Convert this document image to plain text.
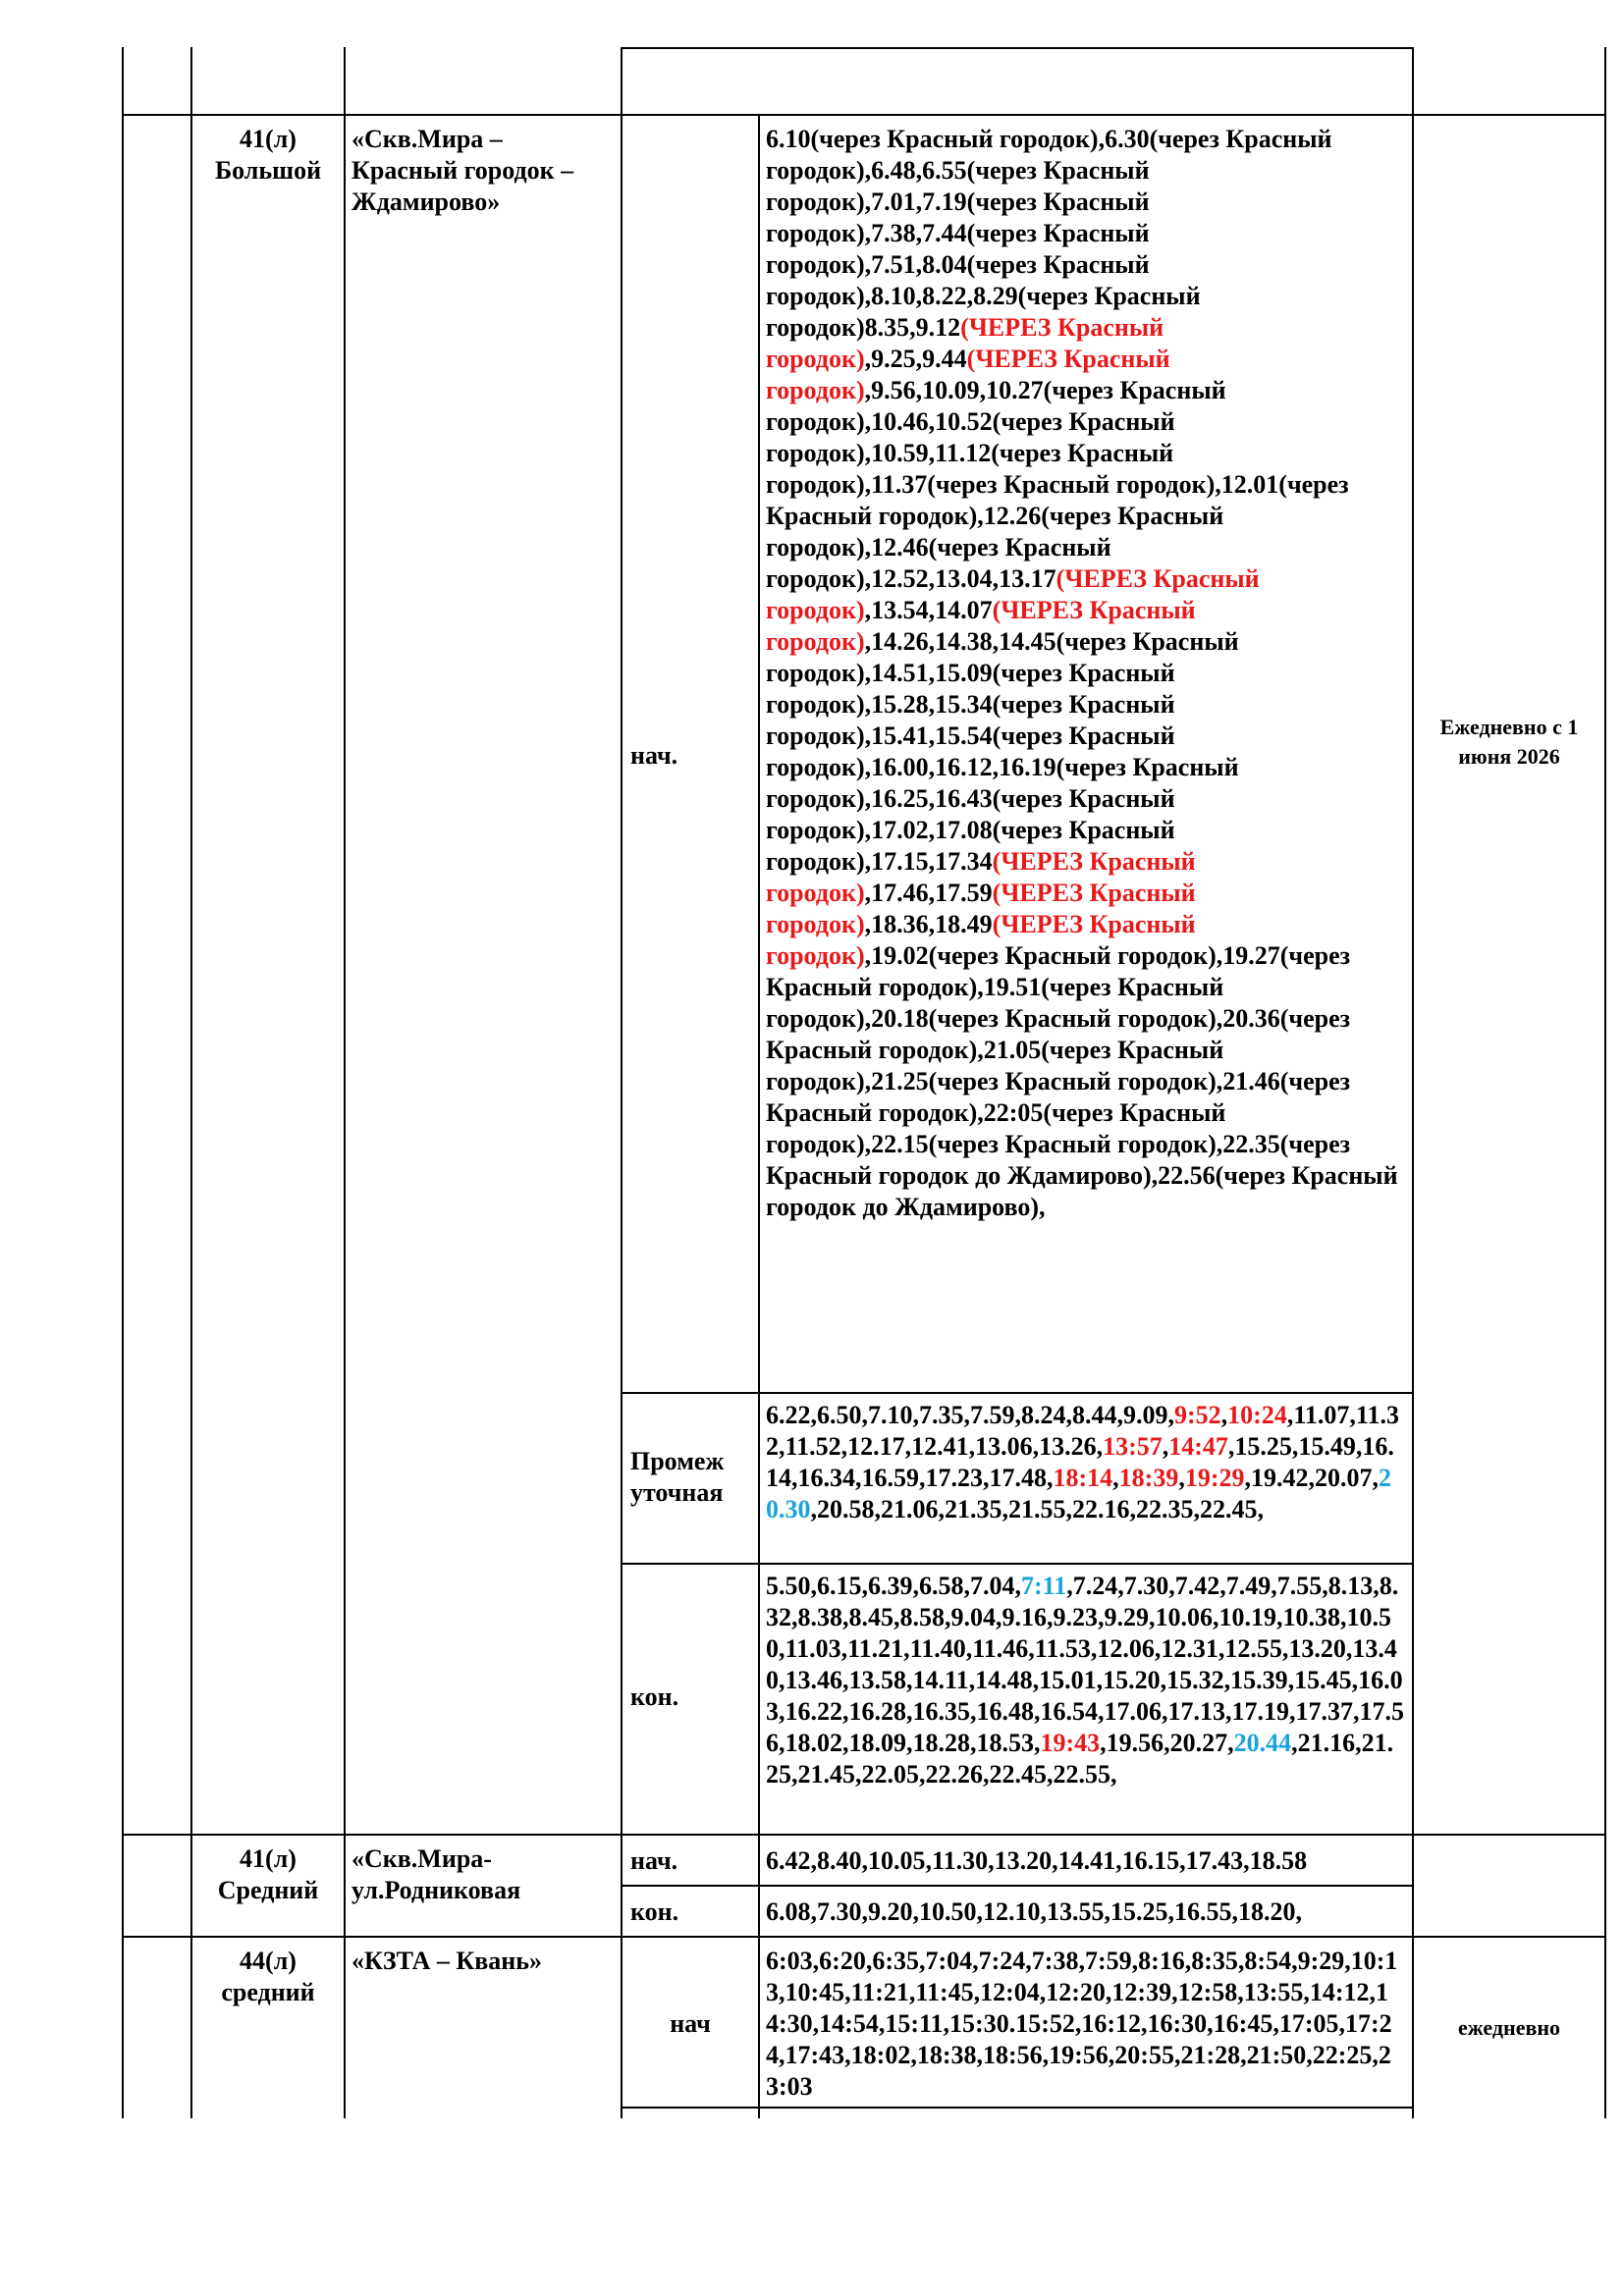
41(л)
Большой
«Скв.Мира – Красный городок – Ждамирово»
нач.
6.10(через Красный городок),6.30(через Красный городок),6.48,6.55(через Красный городок),7.01,7.19(через Красный городок),7.38,7.44(через Красный городок),7.51,8.04(через Красный городок),8.10,8.22,8.29(через Красный городок)8.35,9.12(ЧЕРЕЗ Красный городок),9.25,9.44(ЧЕРЕЗ Красный городок),9.56,10.09,10.27(через Красный городок),10.46,10.52(через Красный городок),10.59,11.12(через Красный городок),11.37(через Красный городок),12.01(через Красный городок),12.26(через Красный городок),12.46(через Красный городок),12.52,13.04,13.17(ЧЕРЕЗ Красный городок),13.54,14.07(ЧЕРЕЗ Красный городок),14.26,14.38,14.45(через Красный городок),14.51,15.09(через Красный городок),15.28,15.34(через Красный городок),15.41,15.54(через Красный городок),16.00,16.12,16.19(через Красный городок),16.25,16.43(через Красный городок),17.02,17.08(через Красный городок),17.15,17.34(ЧЕРЕЗ Красный городок),17.46,17.59(ЧЕРЕЗ Красный городок),18.36,18.49(ЧЕРЕЗ Красный городок),19.02(через Красный городок),19.27(через Красный городок),19.51(через Красный городок),20.18(через Красный городок),20.36(через Красный городок),21.05(через Красный городок),21.25(через Красный городок),21.46(через Красный городок),22:05(через Красный городок),22.15(через Красный городок),22.35(через Красный городок до Ждамирово),22.56(через Красный городок до Ждамирово),
Ежедневно с 1 июня 2026
Промеж уточная
6.22,6.50,7.10,7.35,7.59,8.24,8.44,9.09,9:52,10:24,11.07,11.32,11.52,12.17,12.41,13.06,13.26,13:57,14:47,15.25,15.49,16.14,16.34,16.59,17.23,17.48,18:14,18:39,19:29,19.42,20.07,20.30,20.58,21.06,21.35,21.55,22.16,22.35,22.45,
кон.
5.50,6.15,6.39,6.58,7.04,7:11,7.24,7.30,7.42,7.49,7.55,8.13,8.32,8.38,8.45,8.58,9.04,9.16,9.23,9.29,10.06,10.19,10.38,10.50,11.03,11.21,11.40,11.46,11.53,12.06,12.31,12.55,13.20,13.40,13.46,13.58,14.11,14.48,15.01,15.20,15.32,15.39,15.45,16.03,16.22,16.28,16.35,16.48,16.54,17.06,17.13,17.19,17.37,17.56,18.02,18.09,18.28,18.53,19:43,19.56,20.27,20.44,21.16,21.25,21.45,22.05,22.26,22.45,22.55,
41(л)
Средний
«Скв.Мира- ул.Родниковая
нач.	6.42,8.40,10.05,11.30,13.20,14.41,16.15,17.43,18.58
кон.	6.08,7.30,9.20,10.50,12.10,13.55,15.25,16.55,18.20,
44(л)
средний
«КЗТА – Квань»
нач
6:03,6:20,6:35,7:04,7:24,7:38,7:59,8:16,8:35,8:54,9:29,10:13,10:45,11:21,11:45,12:04,12:20,12:39,12:58,13:55,14:12,14:30,14:54,15:11,15:30.15:52,16:12,16:30,16:45,17:05,17:24,17:43,18:02,18:38,18:56,19:56,20:55,21:28,21:50,22:25,23:03
ежедневно
